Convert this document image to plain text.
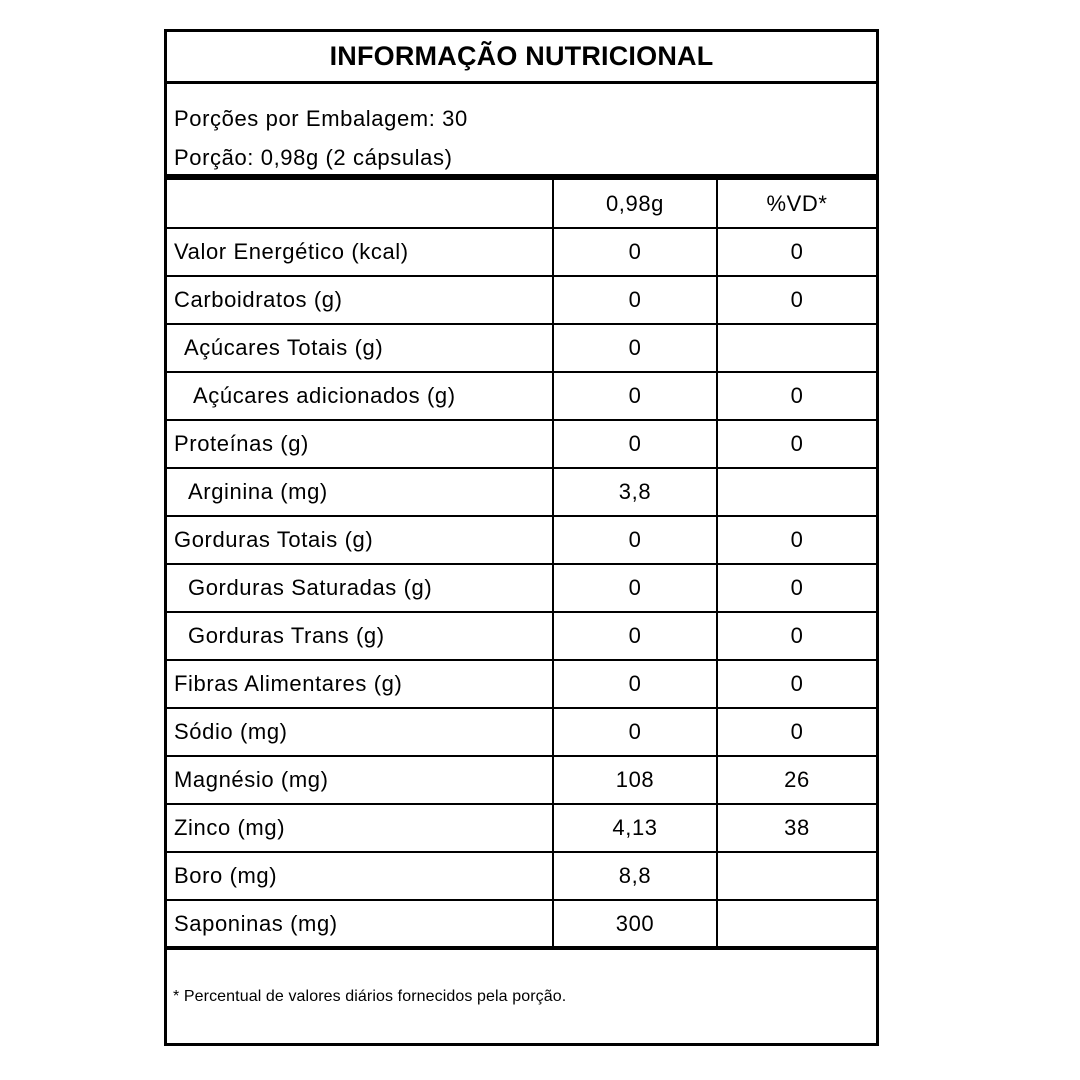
INFORMAÇÃO NUTRICIONAL
Porções por Embalagem: 30
Porção: 0,98g (2 cápsulas)
	0,98g	%VD*
Valor Energético (kcal)	0	0
Carboidratos (g)	0	0
Açúcares Totais (g)	0	
Açúcares adicionados (g)	0	0
Proteínas (g)	0	0
Arginina (mg)	3,8	
Gorduras Totais (g)	0	0
Gorduras Saturadas (g)	0	0
Gorduras Trans (g)	0	0
Fibras Alimentares (g)	0	0
Sódio (mg)	0	0
Magnésio (mg)	108	26
Zinco (mg)	4,13	38
Boro (mg)	8,8	
Saponinas (mg)	300	
* Percentual de valores diários fornecidos pela porção.
